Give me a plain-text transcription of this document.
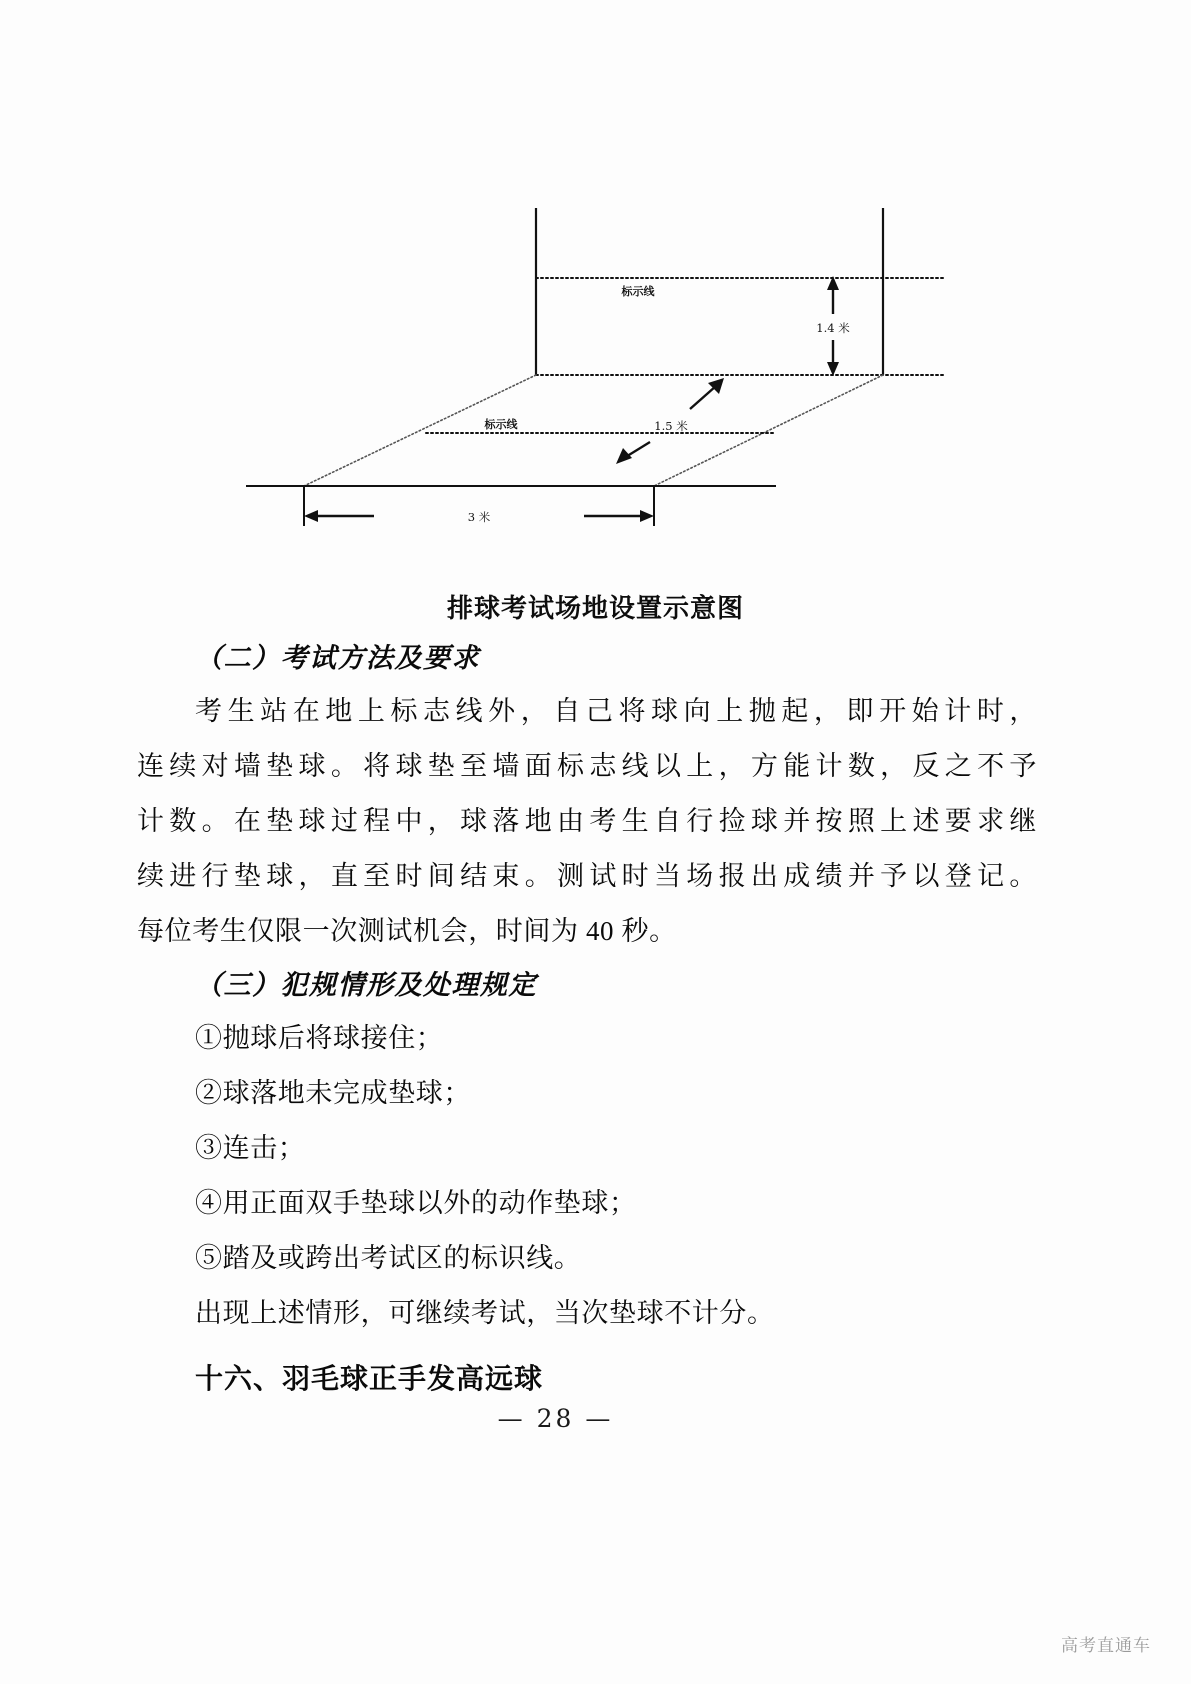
3 米
1.4 米
1.5 米
标示线
标示线
排球考试场地设置示意图
（二）考试方法及要求
考生站在地上标志线外，自己将球向上抛起，即开始计时，
连续对墙垫球。将球垫至墙面标志线以上，方能计数，反之不予
计数。在垫球过程中，球落地由考生自行捡球并按照上述要求继
续进行垫球，直至时间结束。测试时当场报出成绩并予以登记。
每位考生仅限一次测试机会，时间为 40 秒。
（三）犯规情形及处理规定
①抛球后将球接住；
②球落地未完成垫球；
③连击；
④用正面双手垫球以外的动作垫球；
⑤踏及或跨出考试区的标识线。
出现上述情形，可继续考试，当次垫球不计分。
十六、羽毛球正手发高远球
— 28 —
高考直通车
